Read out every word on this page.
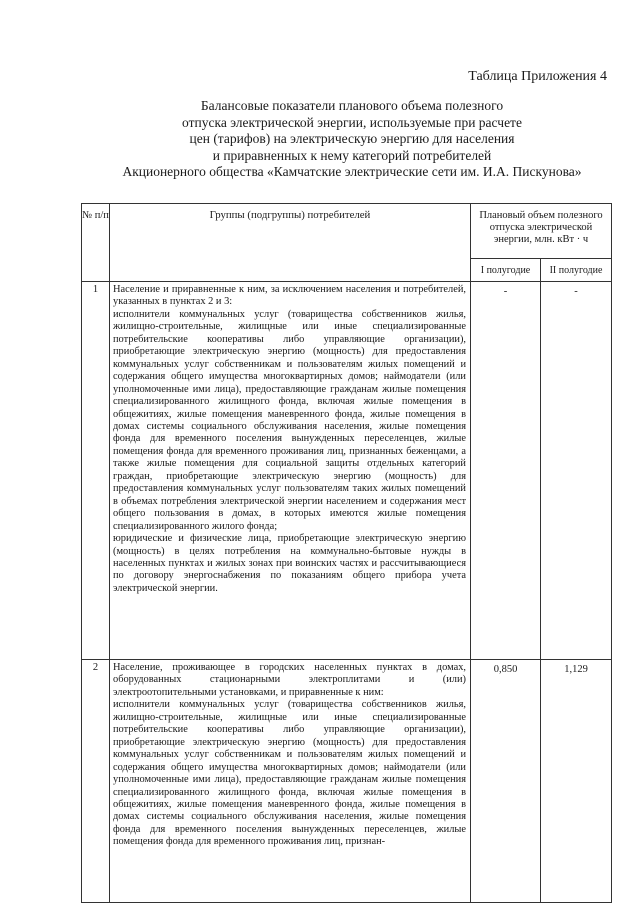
Таблица Приложения 4
Балансовые показатели планового объема полезного
отпуска электрической энергии, используемые при расчете
цен (тарифов) на электрическую энергию для населения
и приравненных к нему категорий потребителей
Акционерного общества «Камчатские электрические сети им. И.А. Пискунова»
№ п/п	Группы (подгруппы) потребителей	Плановый объем полезного отпуска электрической энергии, млн. кВт · ч	
		I полугодие	II полугодие
1	Население и приравненные к ним, за исключением населения и потребителей, указанных в пунктах 2 и 3:

исполнители коммунальных услуг (товарищества собственников жилья, жилищно-строительные, жилищные или иные специализированные потребительские кооперативы либо управляющие организации), приобретающие электрическую энергию (мощность) для предоставления коммунальных услуг собственникам и пользователям жилых помещений и содержания общего имущества многоквартирных домов; наймодатели (или уполномоченные ими лица), предоставляющие гражданам жилые помещения специализированного жилищного фонда, включая жилые помещения в общежитиях, жилые помещения маневренного фонда, жилые помещения в домах системы социального обслуживания населения, жилые помещения фонда для временного поселения вынужденных переселенцев, жилые помещения фонда для временного проживания лиц, признанных беженцами, а также жилые помещения для социальной защиты отдельных категорий граждан, приобретающие электрическую энергию (мощность) для предоставления коммунальных услуг пользователям таких жилых помещений в объемах потребления электрической энергии населением и содержания мест общего пользования в домах, в которых имеются жилые помещения специализированного жилого фонда;

юридические и физические лица, приобретающие электрическую энергию (мощность) в целях потребления на коммунально-бытовые нужды в населенных пунктах и жилых зонах при воинских частях и рассчитывающиеся по договору энергоснабжения по показаниям общего прибора учета электрической энергии.	-	-
2	Население, проживающее в городских населенных пунктах в домах, оборудованных стационарными электроплитами и (или) электроотопительными установками, и приравненные к ним:

исполнители коммунальных услуг (товарищества собственников жилья, жилищно-строительные, жилищные или иные специализированные потребительские кооперативы либо управляющие организации), приобретающие электрическую энергию (мощность) для предоставления коммунальных услуг собственникам и пользователям жилых помещений и содержания общего имущества многоквартирных домов; наймодатели (или уполномоченные ими лица), предоставляющие гражданам жилые помещения специализированного жилищного фонда, включая жилые помещения в общежитиях, жилые помещения маневренного фонда, жилые помещения в домах системы социального обслуживания населения, жилые помещения фонда для временного поселения вынужденных переселенцев, жилые помещения фонда для временного проживания лиц, признан-	0,850	1,129
